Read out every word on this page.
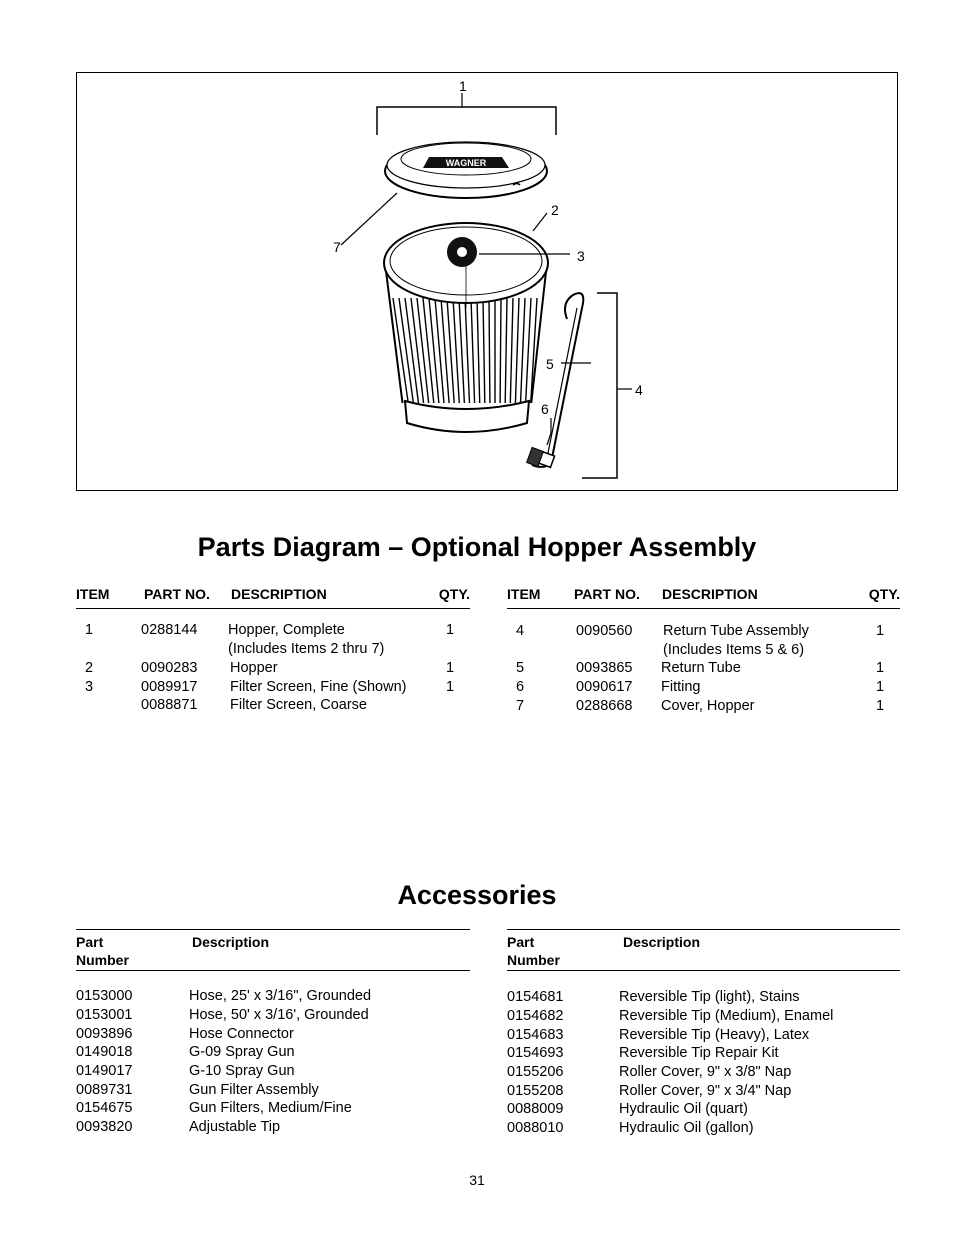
WAGNER
1
2
3
4
5
6
7
Parts Diagram – Optional Hopper Assembly
ITEM PART NO. DESCRIPTION	QTY.
1	0288144 Hopper, Complete	1
(Includes Items 2 thru 7)
2	0090283 Hopper	1
3	0089917 Filter Screen, Fine (Shown)	1
0088871 Filter Screen, Coarse
ITEM PART NO. DESCRIPTION	QTY.
4	0090560 Return Tube Assembly	1
(Includes Items 5 & 6)
5	0093865 Return Tube	1
6	0090617 Fitting	1
7	0288668 Cover, Hopper	1
Accessories
Part
Number
Description
0153000	Hose, 25' x 3/16", Grounded
0153001	Hose, 50' x 3/16', Grounded
0093896	Hose Connector
0149018	G-09 Spray Gun
0149017	G-10 Spray Gun
0089731	Gun Filter Assembly
0154675	Gun Filters, Medium/Fine
0093820	Adjustable Tip
Part
Number
Description
0154681	Reversible Tip (light), Stains
0154682	Reversible Tip (Medium), Enamel
0154683	Reversible Tip (Heavy), Latex
0154693	Reversible Tip Repair Kit
0155206	Roller Cover, 9" x 3/8" Nap
0155208	Roller Cover, 9" x 3/4" Nap
0088009	Hydraulic Oil (quart)
0088010	Hydraulic Oil (gallon)
31
